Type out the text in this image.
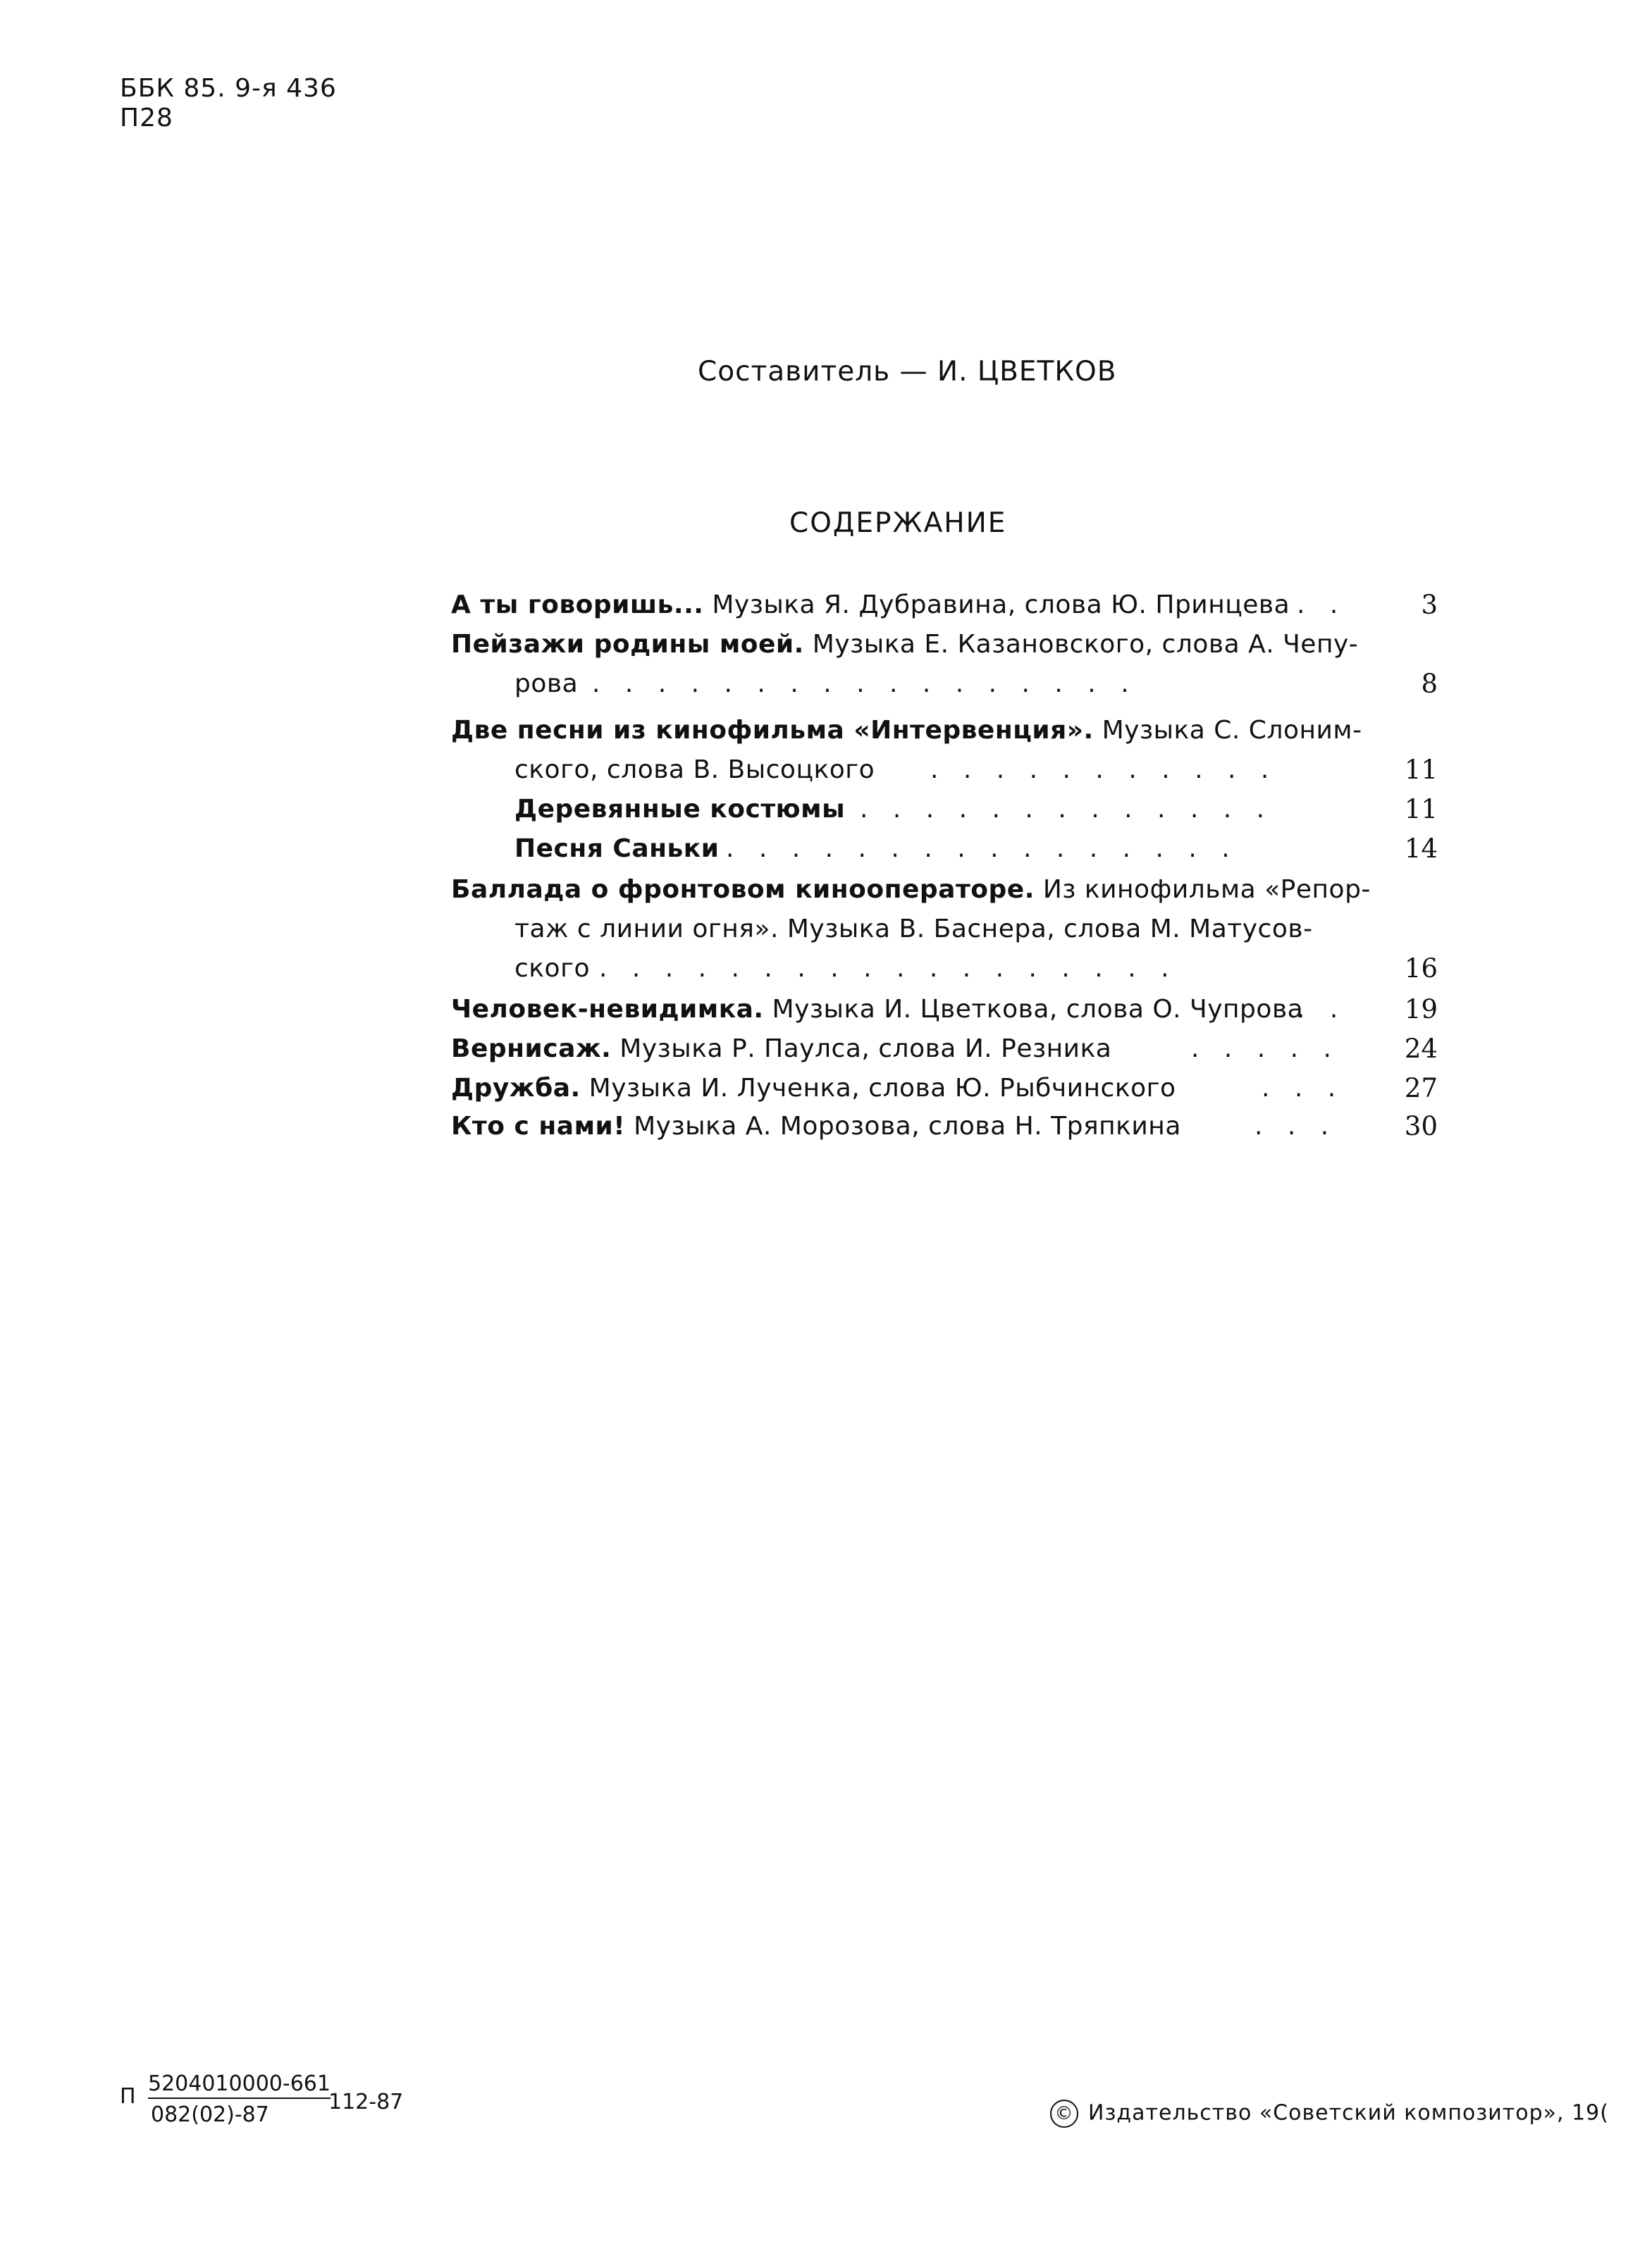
ББК 85. 9-я 436
П28
Составитель — И. ЦВЕТКОВ
СОДЕРЖАНИЕ
А ты говоришь... Музыка Я. Дубравина, слова Ю. Принцева . .	3
Пейзажи родины моей. Музыка Е. Казановского, слова А. Чепу-
рова . . . . . . . . . . . . . . . . .	8
Две песни из кинофильма «Интервенция». Музыка С. Слоним-
ского, слова В. Высоцкого . . . . . . . . . . .	11
Деревянные костюмы . . . . . . . . . . . . .	11
Песня Саньки . . . . . . . . . . . . . . . .	14
Баллада о фронтовом кинооператоре. Из кинофильма «Репор-
таж с линии огня». Музыка В. Баснера, слова М. Матусов-
ского . . . . . . . . . . . . . . . . . .	16
Человек-невидимка. Музыка И. Цветкова, слова О. Чупрова
. .	19
Вернисаж. Музыка Р. Паулса, слова И. Резника	. . . . .	24
Дружба. Музыка И. Лученка, слова Ю. Рыбчинского	. . .	27
Кто с нами! Музыка А. Морозова, слова Н. Тряпкина	. . .	30
П
5204010000-661
082(02)-87
112-87	© Издательство «Советский композитор», 19(
